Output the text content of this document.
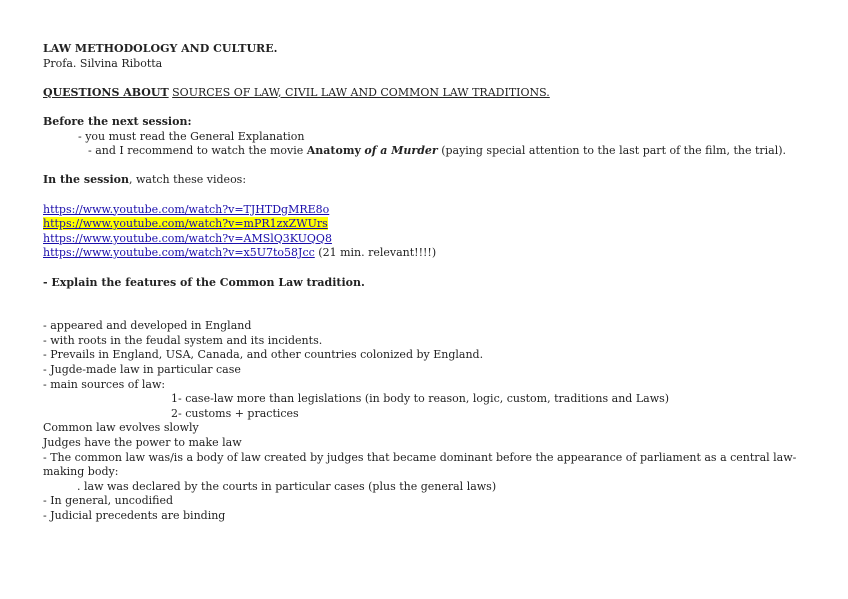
LAW METHODOLOGY AND CULTURE.
Profa. Silvina Ribotta
QUESTIONS ABOUT SOURCES OF LAW, CIVIL LAW AND COMMON LAW TRADITIONS.
Before the next session:
- you must read the General Explanation
- and I recommend to watch the movie Anatomy of a Murder (paying special attention to the last part of the film, the trial).
In the session, watch these videos:
https://www.youtube.com/watch?v=TJHTDgMRE8o
https://www.youtube.com/watch?v=mPR1zxZWUrs
https://www.youtube.com/watch?v=AMSlQ3KUQQ8
https://www.youtube.com/watch?v=x5U7to58Jcc (21 min. relevant!!!!)
- Explain the features of the Common Law tradition.
- appeared and developed in England
- with roots in the feudal system and its incidents.
- Prevails in England, USA, Canada, and other countries colonized by England.
- Jugde-made law in particular case
- main sources of law:
1- case-law more than legislations (in body to reason, logic, custom, traditions and Laws)
2- customs + practices
Common law evolves slowly
Judges have the power to make law
- The common law was/is a body of law created by judges that became dominant before the appearance of parliament as a central law-making body:
. law was declared by the courts in particular cases (plus the general laws)
- In general, uncodified
- Judicial precedents are binding
